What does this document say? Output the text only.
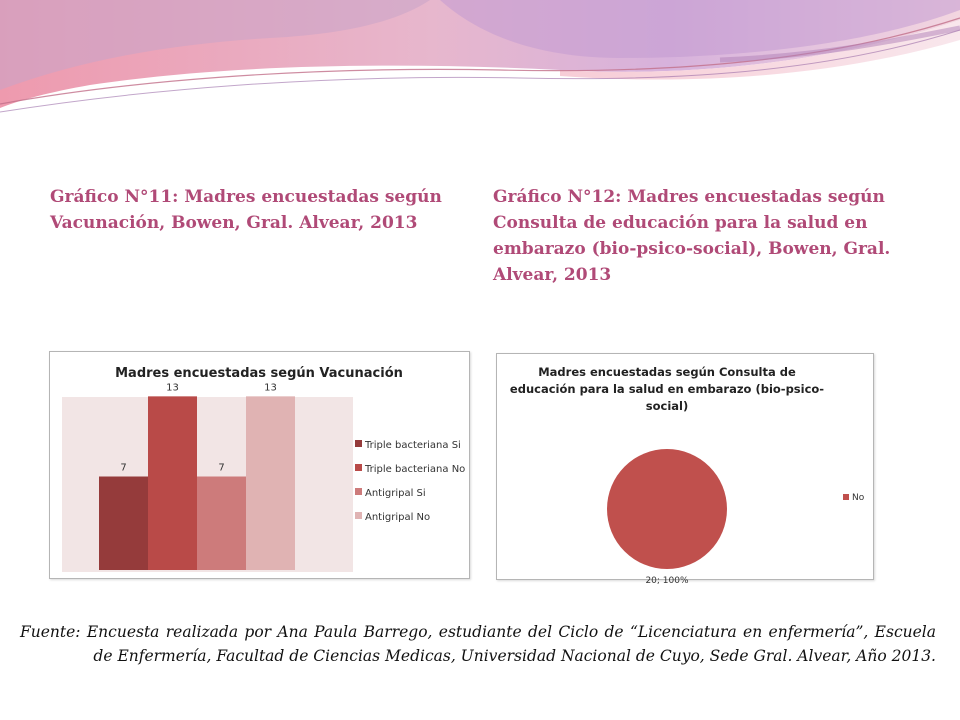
Gráfico N°11: Madres encuestadas según Vacunación, Bowen, Gral. Alvear, 2013

Gráfico N°12: Madres encuestadas según Consulta de educación para la salud en embarazo (bio-psico-social), Bowen, Gral. Alvear, 2013

Madres encuestadas según Vacunación
7
13
7
13
Triple bacteriana Si
Triple bacteriana No
Antigripal Si
Antigripal No
Madres encuestadas según Consulta de
educación para la salud en embarazo (bio-psico-
social)
20; 100%
No

Fuente: Encuesta realizada por Ana Paula Barrego, estudiante del Ciclo de “Licenciatura en enfermería”, Escuela de Enfermería, Facultad de Ciencias Medicas, Universidad Nacional de Cuyo, Sede Gral. Alvear, Año 2013.
